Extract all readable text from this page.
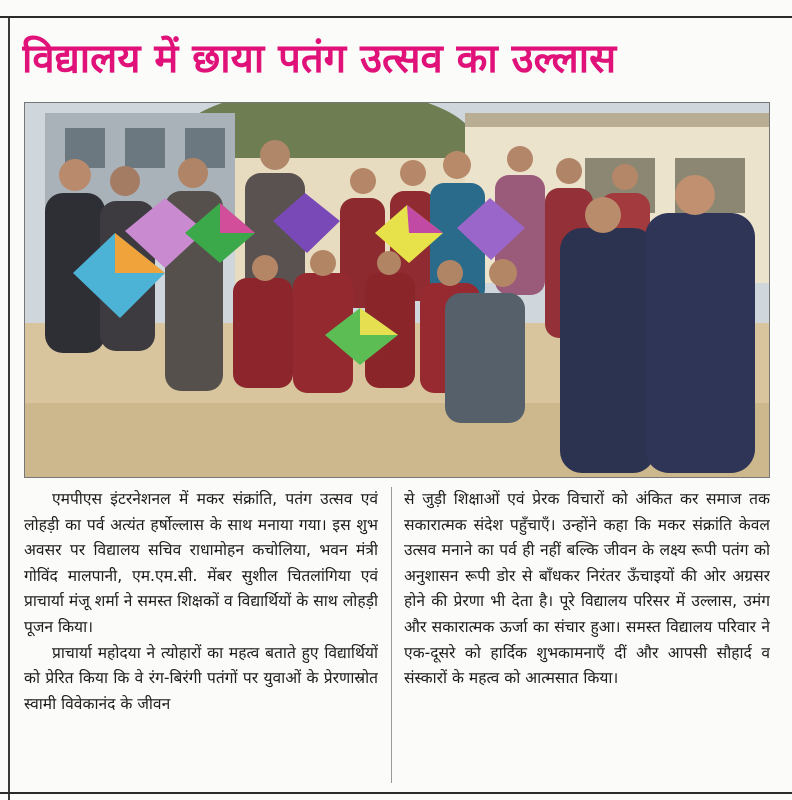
विद्यालय में छाया पतंग उत्सव का उल्लास

एमपीएस इंटरनेशनल में मकर संक्रांति, पतंग उत्सव एवं लोहड़ी का पर्व अत्यंत हर्षोल्लास के साथ मनाया गया। इस शुभ अवसर पर विद्यालय सचिव राधामोहन कचोलिया, भवन मंत्री गोविंद मालपानी, एम.एम.सी. मेंबर सुशील चितलांगिया एवं प्राचार्या मंजू शर्मा ने समस्त शिक्षकों व विद्यार्थियों के साथ लोहड़ी पूजन किया।

प्राचार्या महोदया ने त्योहारों का महत्व बताते हुए विद्यार्थियों को प्रेरित किया कि वे रंग-बिरंगी पतंगों पर युवाओं के प्रेरणास्रोत स्वामी विवेकानंद के जीवन

से जुड़ी शिक्षाओं एवं प्रेरक विचारों को अंकित कर समाज तक सकारात्मक संदेश पहुँचाएँ। उन्होंने कहा कि मकर संक्रांति केवल उत्सव मनाने का पर्व ही नहीं बल्कि जीवन के लक्ष्य रूपी पतंग को अनुशासन रूपी डोर से बाँधकर निरंतर ऊँचाइयों की ओर अग्रसर होने की प्रेरणा भी देता है। पूरे विद्यालय परिसर में उल्लास, उमंग और सकारात्मक ऊर्जा का संचार हुआ। समस्त विद्यालय परिवार ने एक-दूसरे को हार्दिक शुभकामनाएँ दीं और आपसी सौहार्द व संस्कारों के महत्व को आत्मसात किया।
